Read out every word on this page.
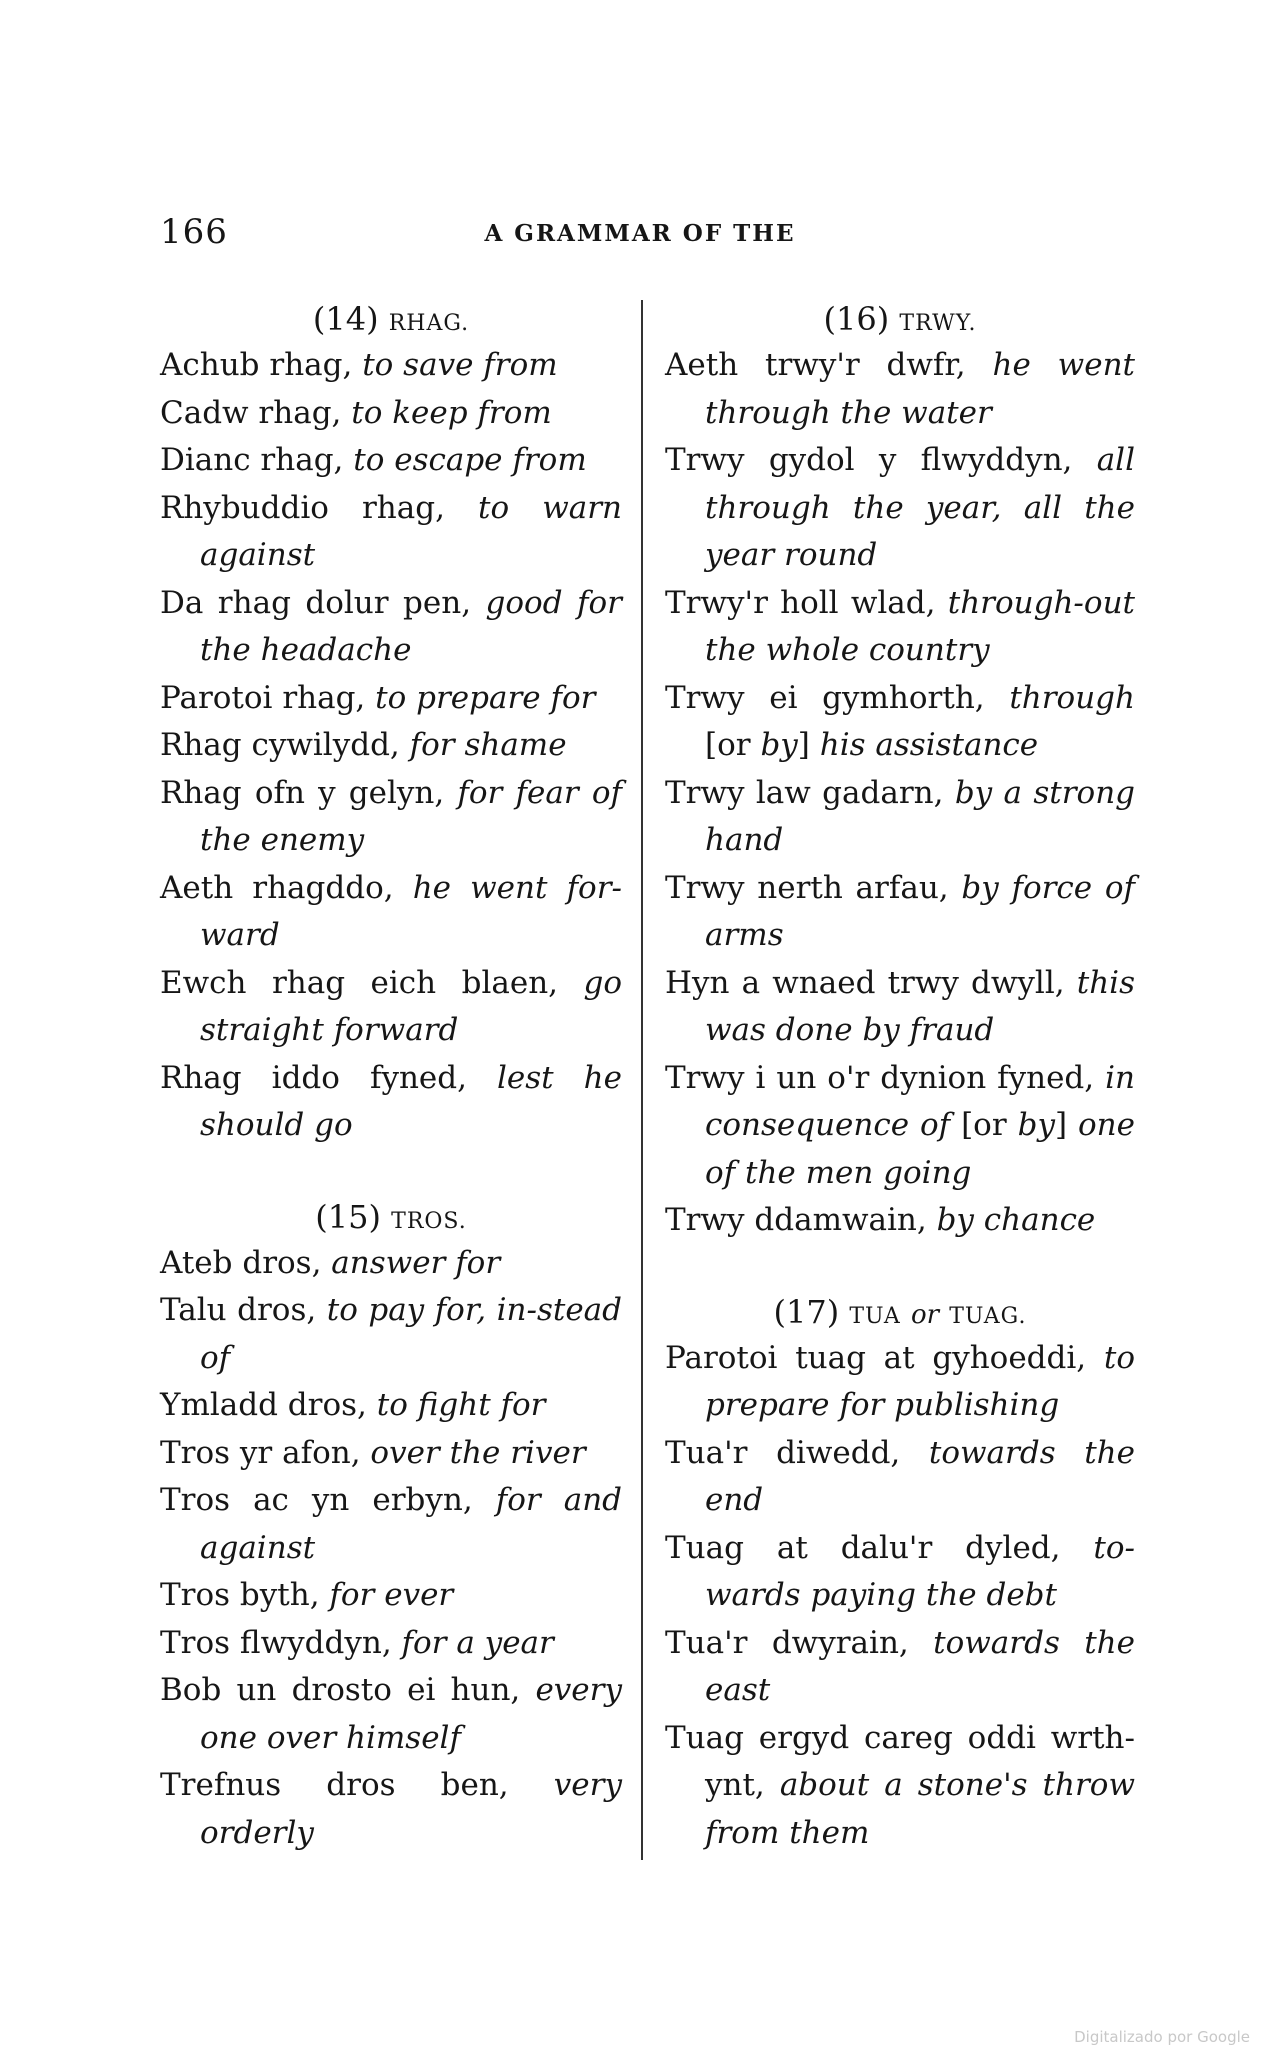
166	A GRAMMAR OF THE
(14) RHAG.
Achub rhag, to save from
Cadw rhag, to keep from
Dianc rhag, to escape from
Rhybuddio rhag, to warn against
Da rhag dolur pen, good for the headache
Parotoi rhag, to prepare for
Rhag cywilydd, for shame
Rhag ofn y gelyn, for fear of the enemy
Aeth rhagddo, he went for-ward
Ewch rhag eich blaen, go straight forward
Rhag iddo fyned, lest he should go
(15) TROS.
Ateb dros, answer for
Talu dros, to pay for, in-stead of
Ymladd dros, to fight for
Tros yr afon, over the river
Tros ac yn erbyn, for and against
Tros byth, for ever
Tros flwyddyn, for a year
Bob un drosto ei hun, every one over himself
Trefnus dros ben, very orderly
(16) TRWY.
Aeth trwy'r dwfr, he went through the water
Trwy gydol y flwyddyn, all through the year, all the year round
Trwy'r holl wlad, through-out the whole country
Trwy ei gymhorth, through [or by] his assistance
Trwy law gadarn, by a strong hand
Trwy nerth arfau, by force of arms
Hyn a wnaed trwy dwyll, this was done by fraud
Trwy i un o'r dynion fyned, in consequence of [or by] one of the men going
Trwy ddamwain, by chance
(17) TUA or TUAG.
Parotoi tuag at gyhoeddi, to prepare for publishing
Tua'r diwedd, towards the end
Tuag at dalu'r dyled, to-wards paying the debt
Tua'r dwyrain, towards the east
Tuag ergyd careg oddi wrth-ynt, about a stone's throw from them
Digitalizado por Google
